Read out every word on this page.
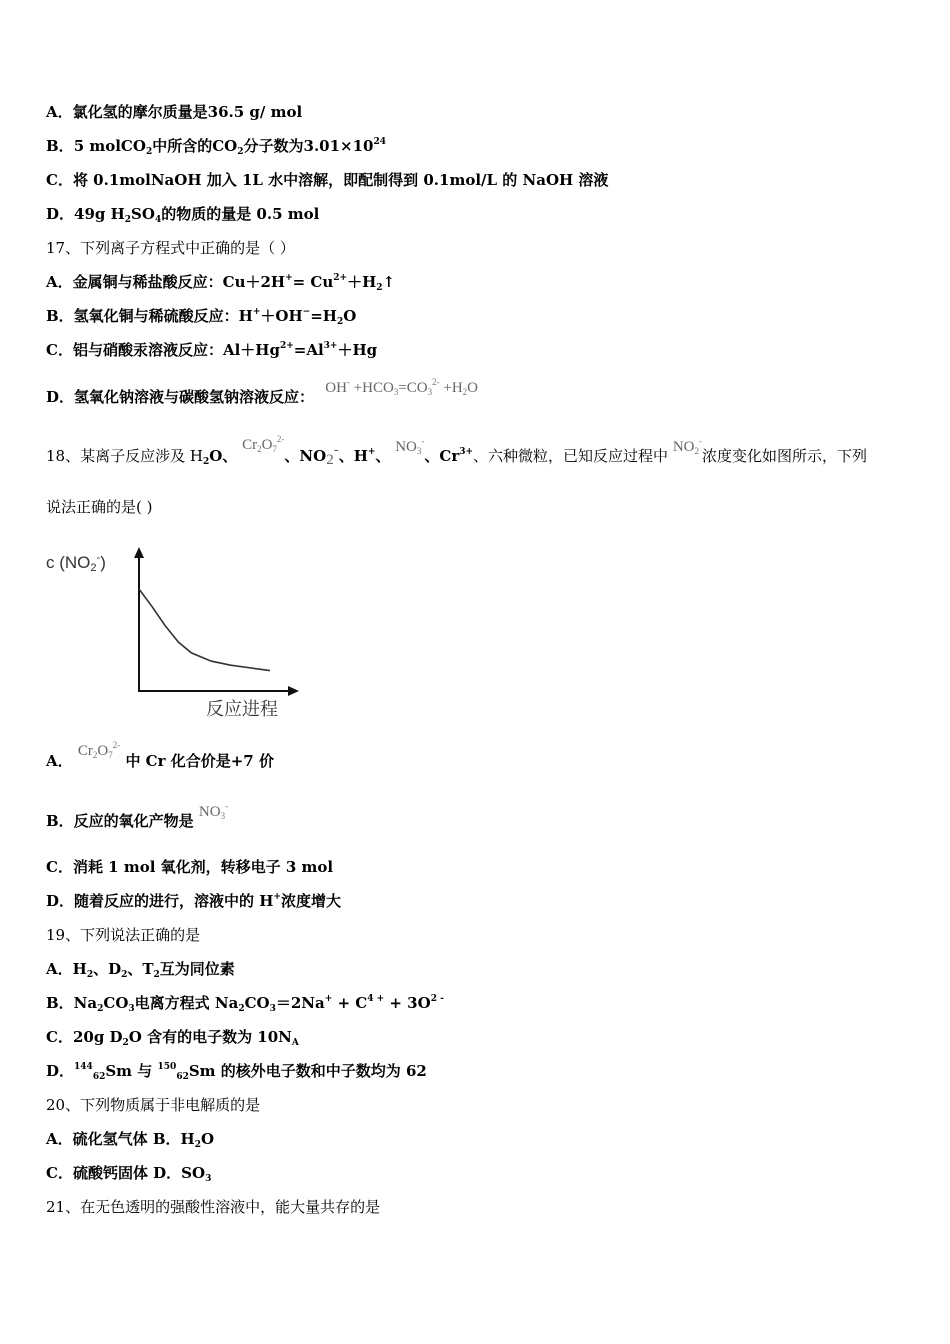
A．氯化氢的摩尔质量是36.5 g/ mol
B．5 molCO$_2$中所含的$CO_2$分子数为$3.01\times 10^{24}$
C．将 0.1molNaOH 加入 1L 水中溶解，即配制得到 0.1mol/L 的 NaOH 溶液
D．49g $H_2SO_4$的物质的量是 0.5 mol
17、下列离子方程式中正确的是（ ）
A．金属铜与稀盐酸反应：$Cu+2H^+= Cu^{2+}+H_2↑$
B．氢氧化铜与稀硫酸反应：$H^++OH^-=H_2O$
C．铝与硝酸汞溶液反应：$Al+Hg^{2+}=Al^{3+}+Hg$
D．氢氧化钠溶液与碳酸氢钠溶液反应： $OH^- +HCO_3=CO_3^{2-} +H_2O$
18、某离子反应涉及 $H_2O$、 $Cr_2O_7^{2-}$、$NO_2^-$、H+、 $NO_3^-$、$Cr^{3+}$、六种微粒，已知反应过程中 $NO_2^-$浓度变化如图所示，下列
说法正确的是( )
c $(NO_2^-)$
反应进程
A． $Cr_2O_7^{2-}$ 中 Cr 化合价是+7 价
B．反应的氧化产物是 $NO_3^-$
C．消耗 1 mol 氧化剂，转移电子 3 mol
D．随着反应的进行，溶液中的 H+浓度增大
19、下列说法正确的是
A．$H_2$、$D_2$、$T_2$互为同位素
B．$Na_2CO_3$电离方程式 $Na_2CO_3=2Na^+ + C^{4 +} + 3O^{2 -}$
C．20g $D_2O$ 含有的电子数为 $10N_A$
D．$^{144}_{62}$Sm 与 $^{150}_{62}$Sm 的核外电子数和中子数均为 62
20、下列物质属于非电解质的是
A．硫化氢气体 B．$H_2O$
C．硫酸钙固体 D．$SO_3$
21、在无色透明的强酸性溶液中，能大量共存的是
